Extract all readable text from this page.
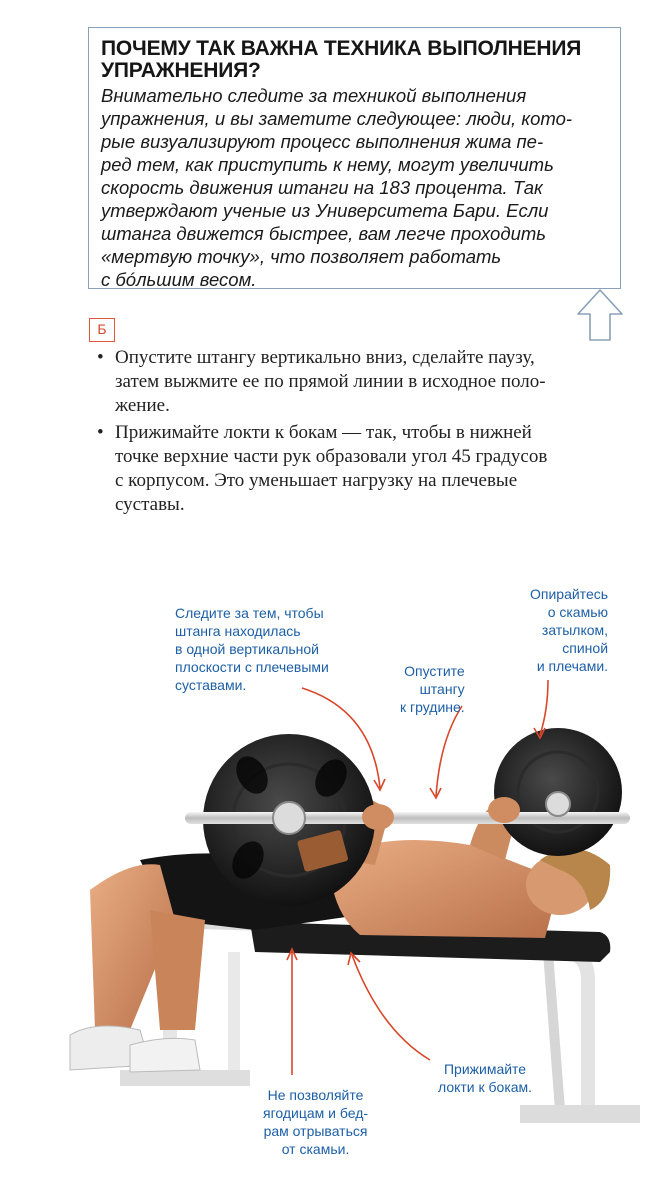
ПОЧЕМУ ТАК ВАЖНА ТЕХНИКА ВЫПОЛНЕНИЯ
УПРАЖНЕНИЯ?

Внимательно следите за техникой выполнения
упражнения, и вы заметите следующее: люди, кото-
рые визуализируют процесс выполнения жима пе-
ред тем, как приступить к нему, могут увеличить
скорость движения штанги на 183 процента. Так
утверждают ученые из Университета Бари. Если
штанга движется быстрее, вам легче проходить
«мертвую точку», что позволяет работать
с бóльшим весом.

Б
• Опустите штангу вертикально вниз, сделайте паузу,
затем выжмите ее по прямой линии в исходное поло-
жение.
• Прижимайте локти к бокам — так, чтобы в нижней
точке верхние части рук образовали угол 45 градусов
с корпусом. Это уменьшает нагрузку на плечевые
суставы.
Следите за тем, чтобы
штанга находилась
в одной вертикальной
плоскости с плечевыми
суставами.
Опустите
штангу
к грудине.
Опирайтесь
о скамью
затылком,
спиной
и плечами.
Не позволяйте
ягодицам и бед-
рам отрываться
от скамьи.
Прижимайте
локти к бокам.
